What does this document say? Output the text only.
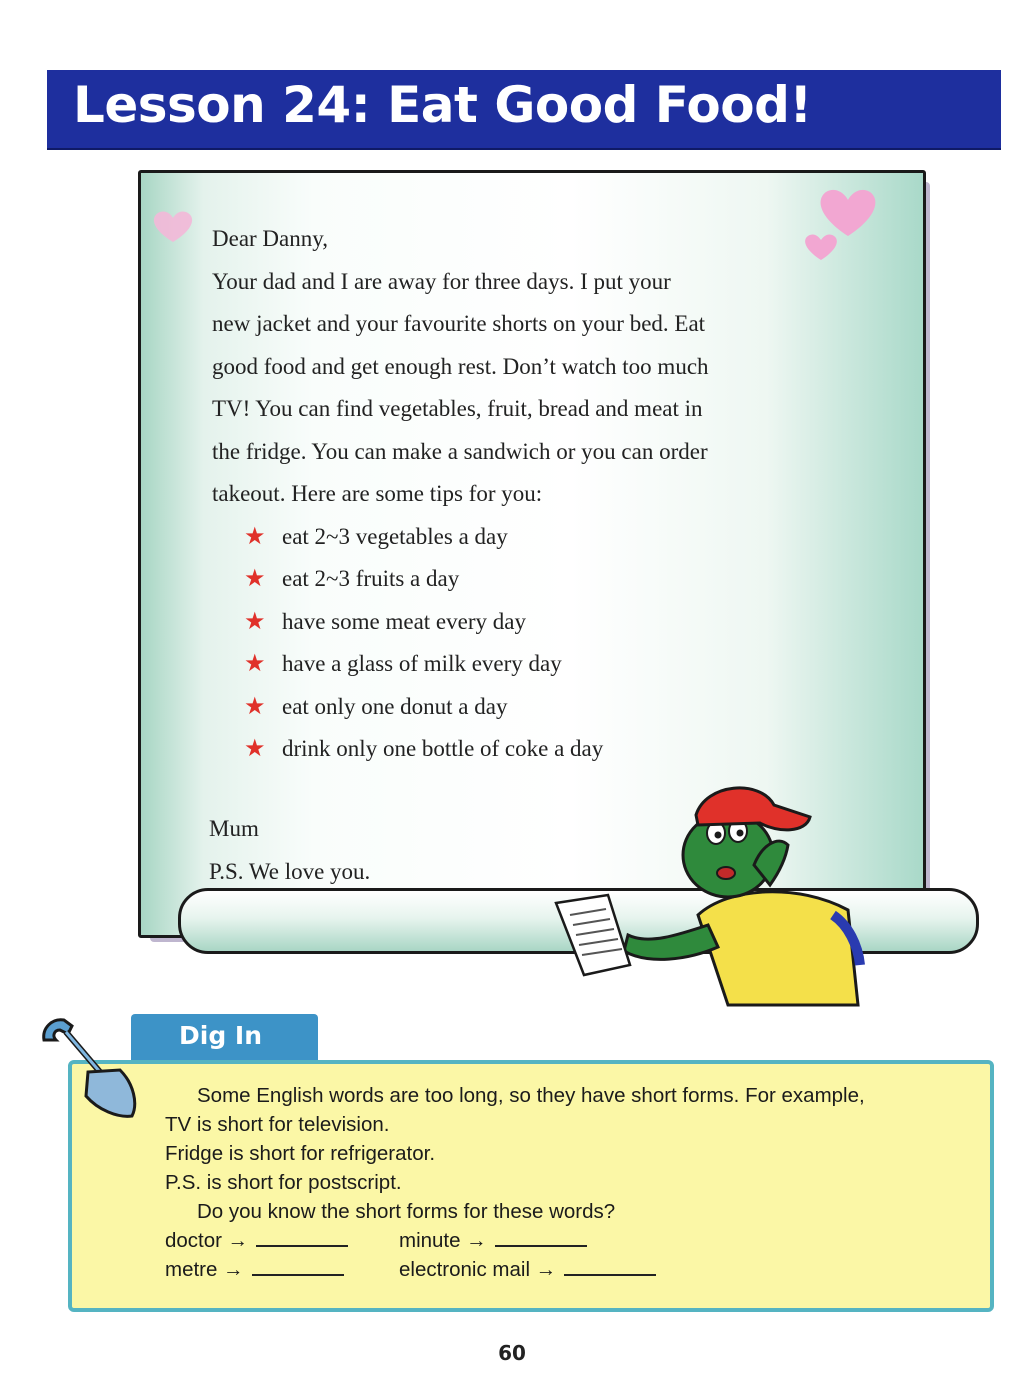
Lesson 24: Eat Good Food!

Dear Danny,

Your dad and I are away for three days. I put your

new jacket and your favourite shorts on your bed. Eat

good food and get enough rest. Don’t watch too much

TV! You can find vegetables, fruit, bread and meat in

the fridge. You can make a sandwich or you can order

takeout. Here are some tips for you:

★ eat 2~3 vegetables a day
★ eat 2~3 fruits a day
★ have some meat every day
★ have a glass of milk every day
★ eat only one donut a day
★ drink only one bottle of coke a day

Mum

P.S. We love you.

Dig In

Some English words are too long, so they have short forms. For example,

TV is short for television.

Fridge is short for refrigerator.

P.S. is short for postscript.

Do you know the short forms for these words?

doctor →	minute →
metre →	electronic mail →
60
